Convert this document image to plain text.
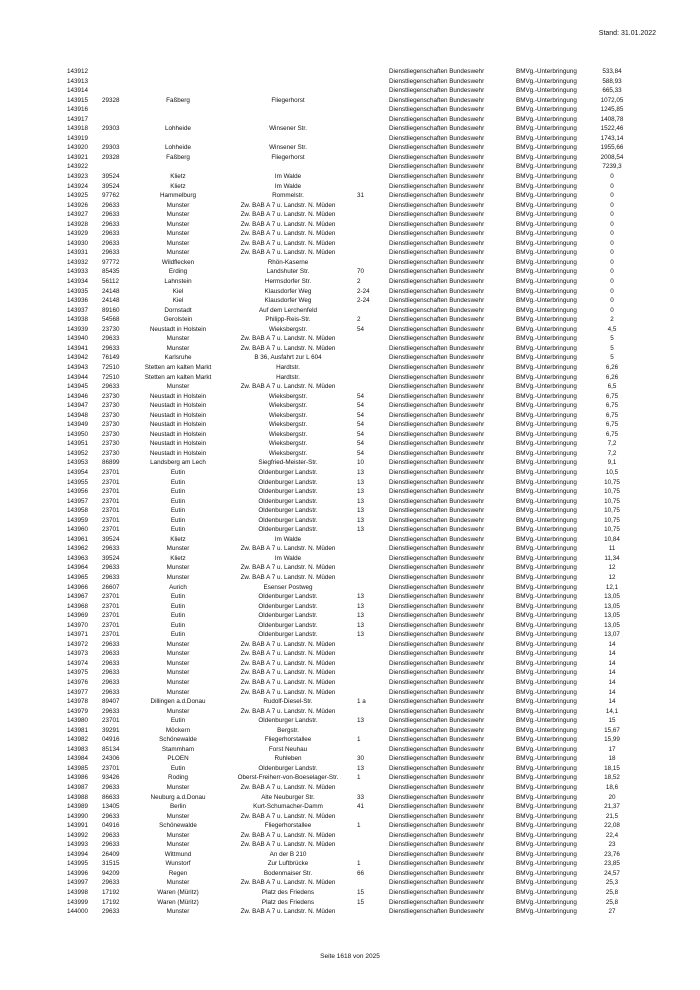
Stand: 31.01.2022
143912	Dienstliegenschaften Bundeswehr	BMVg.-Unterbringung	533,84
143913	Dienstliegenschaften Bundeswehr	BMVg.-Unterbringung	588,93
143914	Dienstliegenschaften Bundeswehr	BMVg.-Unterbringung	665,33
143915 29328	Faßberg	Fliegerhorst	Dienstliegenschaften Bundeswehr	BMVg.-Unterbringung	1072,05
143916	Dienstliegenschaften Bundeswehr	BMVg.-Unterbringung	1245,85
143917	Dienstliegenschaften Bundeswehr	BMVg.-Unterbringung	1408,78
143918 29303	Lohheide	Winsener Str.	Dienstliegenschaften Bundeswehr	BMVg.-Unterbringung	1522,46
143919	Dienstliegenschaften Bundeswehr	BMVg.-Unterbringung	1743,14
143920 29303	Lohheide	Winsener Str.	Dienstliegenschaften Bundeswehr	BMVg.-Unterbringung	1955,66
143921 29328	Faßberg	Fliegerhorst	Dienstliegenschaften Bundeswehr	BMVg.-Unterbringung	2008,54
143922	Dienstliegenschaften Bundeswehr	BMVg.-Unterbringung	7239,3
143923 39524	Klietz	Im Walde	Dienstliegenschaften Bundeswehr	BMVg.-Unterbringung	0
143924 39524	Klietz	Im Walde	Dienstliegenschaften Bundeswehr	BMVg.-Unterbringung	0
143925 97762	Hammelburg	Rommelstr.	31	Dienstliegenschaften Bundeswehr	BMVg.-Unterbringung	0
143926 29633	Munster	Zw. BAB A 7 u. Landstr. N. Müden	Dienstliegenschaften Bundeswehr	BMVg.-Unterbringung	0
143927 29633	Munster	Zw. BAB A 7 u. Landstr. N. Müden	Dienstliegenschaften Bundeswehr	BMVg.-Unterbringung	0
143928 29633	Munster	Zw. BAB A 7 u. Landstr. N. Müden	Dienstliegenschaften Bundeswehr	BMVg.-Unterbringung	0
143929 29633	Munster	Zw. BAB A 7 u. Landstr. N. Müden	Dienstliegenschaften Bundeswehr	BMVg.-Unterbringung	0
143930 29633	Munster	Zw. BAB A 7 u. Landstr. N. Müden	Dienstliegenschaften Bundeswehr	BMVg.-Unterbringung	0
143931 29633	Munster	Zw. BAB A 7 u. Landstr. N. Müden	Dienstliegenschaften Bundeswehr	BMVg.-Unterbringung	0
143932 97772	Wildflecken	Rhön-Kaserne	Dienstliegenschaften Bundeswehr	BMVg.-Unterbringung	0
143933 85435	Erding	Landshuter Str.	70	Dienstliegenschaften Bundeswehr	BMVg.-Unterbringung	0
143934 56112	Lahnstein	Hermsdorfer Str.	2	Dienstliegenschaften Bundeswehr	BMVg.-Unterbringung	0
143935 24148	Kiel	Klausdorfer Weg	2-24	Dienstliegenschaften Bundeswehr	BMVg.-Unterbringung	0
143936 24148	Kiel	Klausdorfer Weg	2-24	Dienstliegenschaften Bundeswehr	BMVg.-Unterbringung	0
143937 89160	Dornstadt	Auf dem Lerchenfeld	Dienstliegenschaften Bundeswehr	BMVg.-Unterbringung	0
143938 54568	Gerolstein	Philipp-Reis-Str.	2	Dienstliegenschaften Bundeswehr	BMVg.-Unterbringung	2
143939 23730	Neustadt in Holstein	Wieksbergstr.	54	Dienstliegenschaften Bundeswehr	BMVg.-Unterbringung	4,5
143940 29633	Munster	Zw. BAB A 7 u. Landstr. N. Müden	Dienstliegenschaften Bundeswehr	BMVg.-Unterbringung	5
143941 29633	Munster	Zw. BAB A 7 u. Landstr. N. Müden	Dienstliegenschaften Bundeswehr	BMVg.-Unterbringung	5
143942 76149	Karlsruhe	B 36, Ausfahrt zur L 604	Dienstliegenschaften Bundeswehr	BMVg.-Unterbringung	5
143943 72510	Stetten am kalten Markt	Hardtstr.	Dienstliegenschaften Bundeswehr	BMVg.-Unterbringung	6,26
143944 72510	Stetten am kalten Markt	Hardtstr.	Dienstliegenschaften Bundeswehr	BMVg.-Unterbringung	6,26
143945 29633	Munster	Zw. BAB A 7 u. Landstr. N. Müden	Dienstliegenschaften Bundeswehr	BMVg.-Unterbringung	6,5
143946 23730	Neustadt in Holstein	Wieksbergstr.	54	Dienstliegenschaften Bundeswehr	BMVg.-Unterbringung	6,75
143947 23730	Neustadt in Holstein	Wieksbergstr.	54	Dienstliegenschaften Bundeswehr	BMVg.-Unterbringung	6,75
143948 23730	Neustadt in Holstein	Wieksbergstr.	54	Dienstliegenschaften Bundeswehr	BMVg.-Unterbringung	6,75
143949 23730	Neustadt in Holstein	Wieksbergstr.	54	Dienstliegenschaften Bundeswehr	BMVg.-Unterbringung	6,75
143950 23730	Neustadt in Holstein	Wieksbergstr.	54	Dienstliegenschaften Bundeswehr	BMVg.-Unterbringung	6,75
143951 23730	Neustadt in Holstein	Wieksbergstr.	54	Dienstliegenschaften Bundeswehr	BMVg.-Unterbringung	7,2
143952 23730	Neustadt in Holstein	Wieksbergstr.	54	Dienstliegenschaften Bundeswehr	BMVg.-Unterbringung	7,2
143953 86899	Landsberg am Lech	Siegfried-Meister-Str.	10	Dienstliegenschaften Bundeswehr	BMVg.-Unterbringung	9,1
143954 23701	Eutin	Oldenburger Landstr.	13	Dienstliegenschaften Bundeswehr	BMVg.-Unterbringung	10,5
143955 23701	Eutin	Oldenburger Landstr.	13	Dienstliegenschaften Bundeswehr	BMVg.-Unterbringung	10,75
143956 23701	Eutin	Oldenburger Landstr.	13	Dienstliegenschaften Bundeswehr	BMVg.-Unterbringung	10,75
143957 23701	Eutin	Oldenburger Landstr.	13	Dienstliegenschaften Bundeswehr	BMVg.-Unterbringung	10,75
143958 23701	Eutin	Oldenburger Landstr.	13	Dienstliegenschaften Bundeswehr	BMVg.-Unterbringung	10,75
143959 23701	Eutin	Oldenburger Landstr.	13	Dienstliegenschaften Bundeswehr	BMVg.-Unterbringung	10,75
143960 23701	Eutin	Oldenburger Landstr.	13	Dienstliegenschaften Bundeswehr	BMVg.-Unterbringung	10,75
143961 39524	Klietz	Im Walde	Dienstliegenschaften Bundeswehr	BMVg.-Unterbringung	10,84
143962 29633	Munster	Zw. BAB A 7 u. Landstr. N. Müden	Dienstliegenschaften Bundeswehr	BMVg.-Unterbringung	11
143963 39524	Klietz	Im Walde	Dienstliegenschaften Bundeswehr	BMVg.-Unterbringung	11,34
143964 29633	Munster	Zw. BAB A 7 u. Landstr. N. Müden	Dienstliegenschaften Bundeswehr	BMVg.-Unterbringung	12
143965 29633	Munster	Zw. BAB A 7 u. Landstr. N. Müden	Dienstliegenschaften Bundeswehr	BMVg.-Unterbringung	12
143966 26607	Aurich	Esenser Postweg	Dienstliegenschaften Bundeswehr	BMVg.-Unterbringung	12,1
143967 23701	Eutin	Oldenburger Landstr.	13	Dienstliegenschaften Bundeswehr	BMVg.-Unterbringung	13,05
143968 23701	Eutin	Oldenburger Landstr.	13	Dienstliegenschaften Bundeswehr	BMVg.-Unterbringung	13,05
143969 23701	Eutin	Oldenburger Landstr.	13	Dienstliegenschaften Bundeswehr	BMVg.-Unterbringung	13,05
143970 23701	Eutin	Oldenburger Landstr.	13	Dienstliegenschaften Bundeswehr	BMVg.-Unterbringung	13,05
143971 23701	Eutin	Oldenburger Landstr.	13	Dienstliegenschaften Bundeswehr	BMVg.-Unterbringung	13,07
143972 29633	Munster	Zw. BAB A 7 u. Landstr. N. Müden	Dienstliegenschaften Bundeswehr	BMVg.-Unterbringung	14
143973 29633	Munster	Zw. BAB A 7 u. Landstr. N. Müden	Dienstliegenschaften Bundeswehr	BMVg.-Unterbringung	14
143974 29633	Munster	Zw. BAB A 7 u. Landstr. N. Müden	Dienstliegenschaften Bundeswehr	BMVg.-Unterbringung	14
143975 29633	Munster	Zw. BAB A 7 u. Landstr. N. Müden	Dienstliegenschaften Bundeswehr	BMVg.-Unterbringung	14
143976 29633	Munster	Zw. BAB A 7 u. Landstr. N. Müden	Dienstliegenschaften Bundeswehr	BMVg.-Unterbringung	14
143977 29633	Munster	Zw. BAB A 7 u. Landstr. N. Müden	Dienstliegenschaften Bundeswehr	BMVg.-Unterbringung	14
143978 89407	Dillingen a.d.Donau	Rudolf-Diesel-Str.	1 a	Dienstliegenschaften Bundeswehr	BMVg.-Unterbringung	14
143979 29633	Munster	Zw. BAB A 7 u. Landstr. N. Müden	Dienstliegenschaften Bundeswehr	BMVg.-Unterbringung	14,1
143980 23701	Eutin	Oldenburger Landstr.	13	Dienstliegenschaften Bundeswehr	BMVg.-Unterbringung	15
143981 39291	Möckern	Bergstr.	Dienstliegenschaften Bundeswehr	BMVg.-Unterbringung	15,67
143982 04916	Schönewalde	Fliegerhorstallee	1	Dienstliegenschaften Bundeswehr	BMVg.-Unterbringung	15,99
143983 85134	Stammham	Forst Neuhau	Dienstliegenschaften Bundeswehr	BMVg.-Unterbringung	17
143984 24306	PLOEN	Ruhleben	30	Dienstliegenschaften Bundeswehr	BMVg.-Unterbringung	18
143985 23701	Eutin	Oldenburger Landstr.	13	Dienstliegenschaften Bundeswehr	BMVg.-Unterbringung	18,15
143986 93426	Roding	Oberst-Freiherr-von-Boeselager-Str.	1	Dienstliegenschaften Bundeswehr	BMVg.-Unterbringung	18,52
143987 29633	Munster	Zw. BAB A 7 u. Landstr. N. Müden	Dienstliegenschaften Bundeswehr	BMVg.-Unterbringung	18,6
143988 86633	Neuburg a.d.Donau	Alte Neuburger Str.	33	Dienstliegenschaften Bundeswehr	BMVg.-Unterbringung	20
143989 13405	Berlin	Kurt-Schumacher-Damm	41	Dienstliegenschaften Bundeswehr	BMVg.-Unterbringung	21,37
143990 29633	Munster	Zw. BAB A 7 u. Landstr. N. Müden	Dienstliegenschaften Bundeswehr	BMVg.-Unterbringung	21,5
143991 04916	Schönewalde	Fliegerhorstallee	1	Dienstliegenschaften Bundeswehr	BMVg.-Unterbringung	22,08
143992 29633	Munster	Zw. BAB A 7 u. Landstr. N. Müden	Dienstliegenschaften Bundeswehr	BMVg.-Unterbringung	22,4
143993 29633	Munster	Zw. BAB A 7 u. Landstr. N. Müden	Dienstliegenschaften Bundeswehr	BMVg.-Unterbringung	23
143994 26409	Wittmund	An der B 210	Dienstliegenschaften Bundeswehr	BMVg.-Unterbringung	23,76
143995 31515	Wunstorf	Zur Luftbrücke	1	Dienstliegenschaften Bundeswehr	BMVg.-Unterbringung	23,85
143996 94209	Regen	Bodenmaiser Str.	66	Dienstliegenschaften Bundeswehr	BMVg.-Unterbringung	24,57
143997 29633	Munster	Zw. BAB A 7 u. Landstr. N. Müden	Dienstliegenschaften Bundeswehr	BMVg.-Unterbringung	25,3
143998 17192	Waren (Müritz)	Platz des Friedens	15	Dienstliegenschaften Bundeswehr	BMVg.-Unterbringung	25,8
143999 17192	Waren (Müritz)	Platz des Friedens	15	Dienstliegenschaften Bundeswehr	BMVg.-Unterbringung	25,8
144000 29633	Munster	Zw. BAB A 7 u. Landstr. N. Müden	Dienstliegenschaften Bundeswehr	BMVg.-Unterbringung	27
Seite 1618 von 2025
